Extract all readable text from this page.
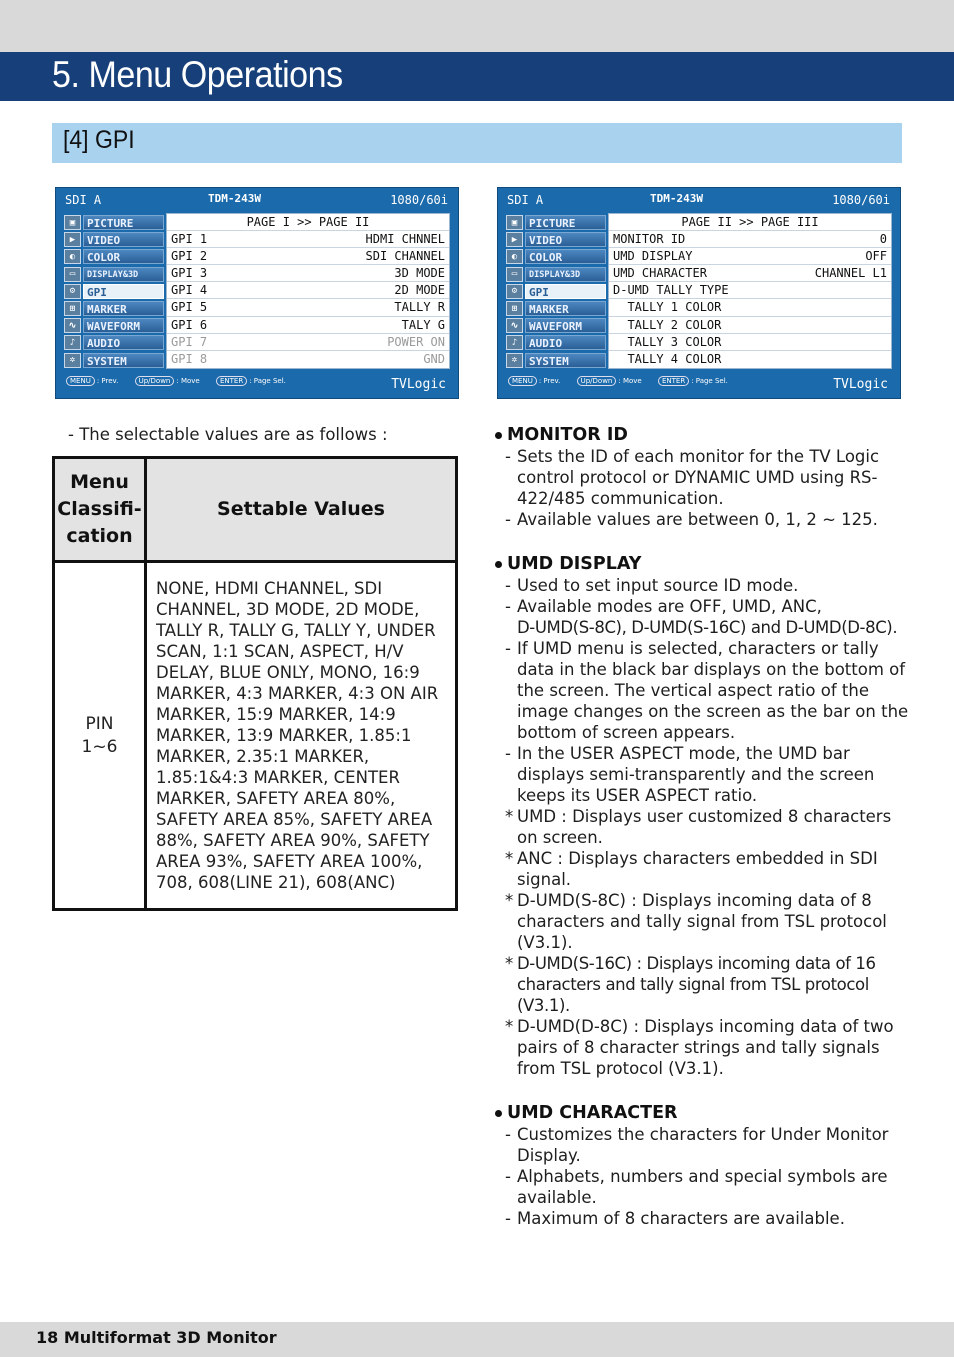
5. Menu Operations
[4] GPI
SDI A	TDM-243W	1080/60i
▣	PICTURE
▶	VIDEO
◐	COLOR
▭	DISPLAY&3D
⚙	GPI
⊞	MARKER
∿ WAVEFORM
♪	AUDIO
✲	SYSTEM
PAGE I >> PAGE II
GPI 1	HDMI CHNNEL
GPI 2	SDI CHANNEL
GPI 3	3D MODE
GPI 4	2D MODE
GPI 5	TALLY R
GPI 6	TALY G
GPI 7	POWER ON
GPI 8	GND
MENU : Prev.	Up/Down : Move	ENTER : Page Sel.	TVLogic
SDI A	TDM-243W	1080/60i
▣	PICTURE
▶	VIDEO
◐	COLOR
▭	DISPLAY&3D
⚙	GPI
⊞	MARKER
∿ WAVEFORM
♪	AUDIO
✲	SYSTEM
PAGE II >> PAGE III
MONITOR ID	0
UMD DISPLAY	OFF
UMD CHARACTER	CHANNEL L1
D-UMD TALLY TYPE
TALLY 1 COLOR
TALLY 2 COLOR
TALLY 3 COLOR
TALLY 4 COLOR
MENU : Prev.	Up/Down : Move	ENTER : Page Sel.	TVLogic

- The selectable values are as follows :

Menu
Classifi-
cation	Settable Values
PIN
1~6	NONE, HDMI CHANNEL, SDI CHANNEL, 3D MODE, 2D MODE, TALLY R, TALLY G, TALLY Y, UNDER SCAN, 1:1 SCAN, ASPECT, H/V DELAY, BLUE ONLY, MONO, 16:9 MARKER, 4:3 MARKER, 4:3 ON AIR MARKER, 15:9 MARKER, 14:9 MARKER, 13:9 MARKER, 1.85:1 MARKER, 2.35:1 MARKER, 1.85:1&4:3 MARKER, CENTER MARKER, SAFETY AREA 80%, SAFETY AREA 85%, SAFETY AREA 88%, SAFETY AREA 90%, SAFETY AREA 93%, SAFETY AREA 100%, 708, 608(LINE 21), 608(ANC)
MONITOR ID
- Sets the ID of each monitor for the TV Logic control protocol or DYNAMIC UMD using RS-422/485 communication.
- Available values are between 0, 1, 2 ~ 125.
UMD DISPLAY
- Used to set input source ID mode.
- Available modes are OFF, UMD, ANC,
D-UMD(S-8C), D-UMD(S-16C) and D-UMD(D-8C).
- If UMD menu is selected, characters or tally data in the black bar displays on the bottom of the screen. The vertical aspect ratio of the image changes on the screen as the bar on the bottom of screen appears.
- In the USER ASPECT mode, the UMD bar displays semi-transparently and the screen keeps its USER ASPECT ratio.
* UMD : Displays user customized 8 characters on screen.
* ANC : Displays characters embedded in SDI signal.
* D-UMD(S-8C) : Displays incoming data of 8 characters and tally signal from TSL protocol (V3.1).
* D-UMD(S-16C) : Displays incoming data of 16 characters and tally signal from TSL protocol (V3.1).
* D-UMD(D-8C) : Displays incoming data of two pairs of 8 character strings and tally signals from TSL protocol (V3.1).
UMD CHARACTER
- Customizes the characters for Under Monitor Display.
- Alphabets, numbers and special symbols are available.
- Maximum of 8 characters are available.
18 Multiformat 3D Monitor
